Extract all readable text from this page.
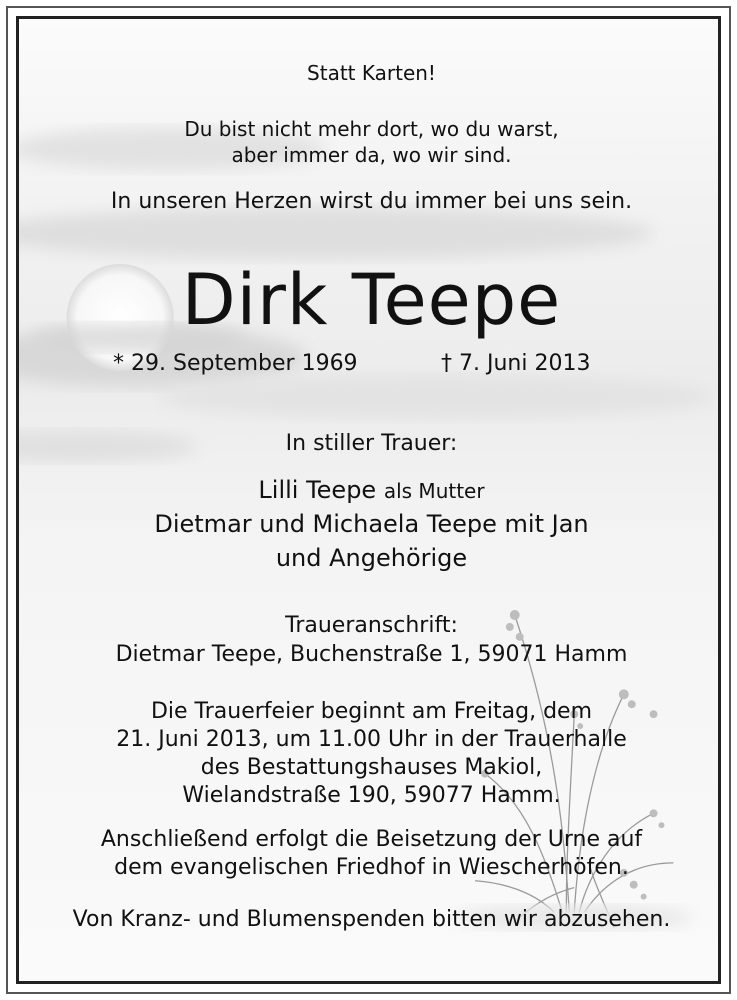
Statt Karten!
Du bist nicht mehr dort, wo du warst,
aber immer da, wo wir sind.
In unseren Herzen wirst du immer bei uns sein.
Dirk Teepe
* 29. September 1969	† 7. Juni 2013
In stiller Trauer:
Lilli Teepe als Mutter
Dietmar und Michaela Teepe mit Jan
und Angehörige
Traueranschrift:
Dietmar Teepe, Buchenstraße 1, 59071 Hamm
Die Trauerfeier beginnt am Freitag, dem
21. Juni 2013, um 11.00 Uhr in der Trauerhalle
des Bestattungshauses Makiol,
Wielandstraße 190, 59077 Hamm.
Anschließend erfolgt die Beisetzung der Urne auf
dem evangelischen Friedhof in Wiescherhöfen.
Von Kranz- und Blumenspenden bitten wir abzusehen.
